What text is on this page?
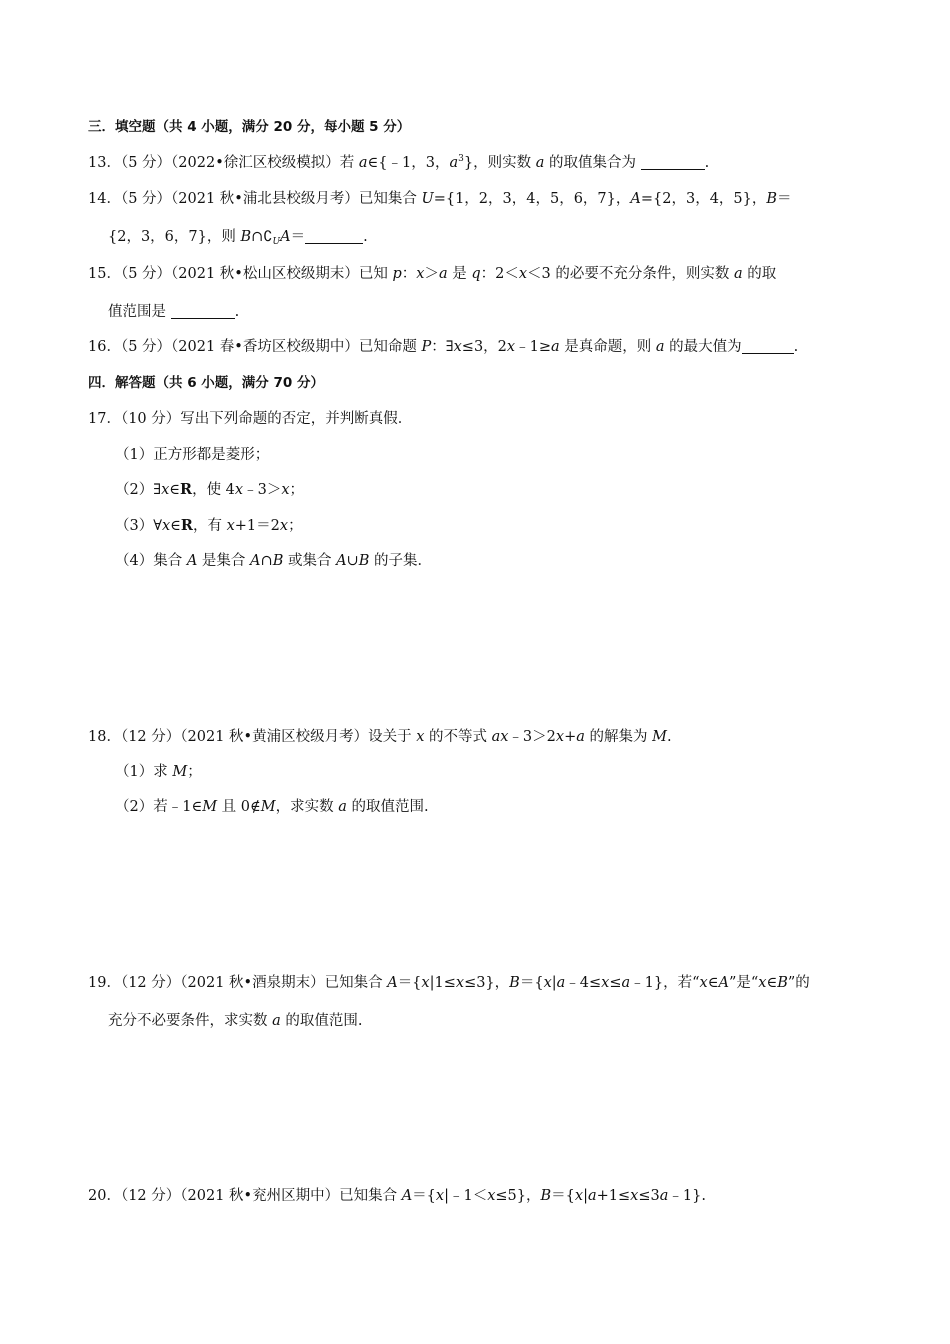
三．填空题（共 4 小题，满分 20 分，每小题 5 分）
13．（5 分）（2022•徐汇区校级模拟）若 a∈{﹣1，3，$a^3$}，则实数 a 的取值集合为	.
14．（5 分）（2021 秋•浦北县校级月考）已知集合 U={1，2，3，4，5，6，7}，A={2，3，4，5}，B＝
{2，3，6，7}，则 $B\cap∁_UA=$	.
15．（5 分）（2021 秋•松山区校级期末）已知 p：x＞a 是 q：2＜x＜3 的必要不充分条件，则实数 a 的取
值范围是	.
16．（5 分）（2021 春•香坊区校级期中）已知命题 P：∃x≤3，2x﹣1≥a 是真命题，则 a 的最大值为	.
四．解答题（共 6 小题，满分 70 分）
17．（10 分）写出下列命题的否定，并判断真假．
（1）正方形都是菱形；
（2）∃x∈R，使 4x﹣3＞x；
（3）∀x∈R，有 x+1＝2x；
（4）集合 A 是集合 A∩B 或集合 A∪B 的子集．
18．（12 分）（2021 秋•黄浦区校级月考）设关于 x 的不等式 ax﹣3＞2x+a 的解集为 M.
（1）求 M；
（2）若﹣1∈M 且 0∉M，求实数 a 的取值范围.
19．（12 分）（2021 秋•酒泉期末）已知集合 A＝{x|1≤x≤3}，B＝{x|a﹣4≤x≤a﹣1}，若“x∈A”是“x∈B”的
充分不必要条件，求实数 a 的取值范围.
20．（12 分）（2021 秋•兖州区期中）已知集合 A＝{x|﹣1＜x≤5}，B＝{x|a+1≤x≤3a﹣1}.
